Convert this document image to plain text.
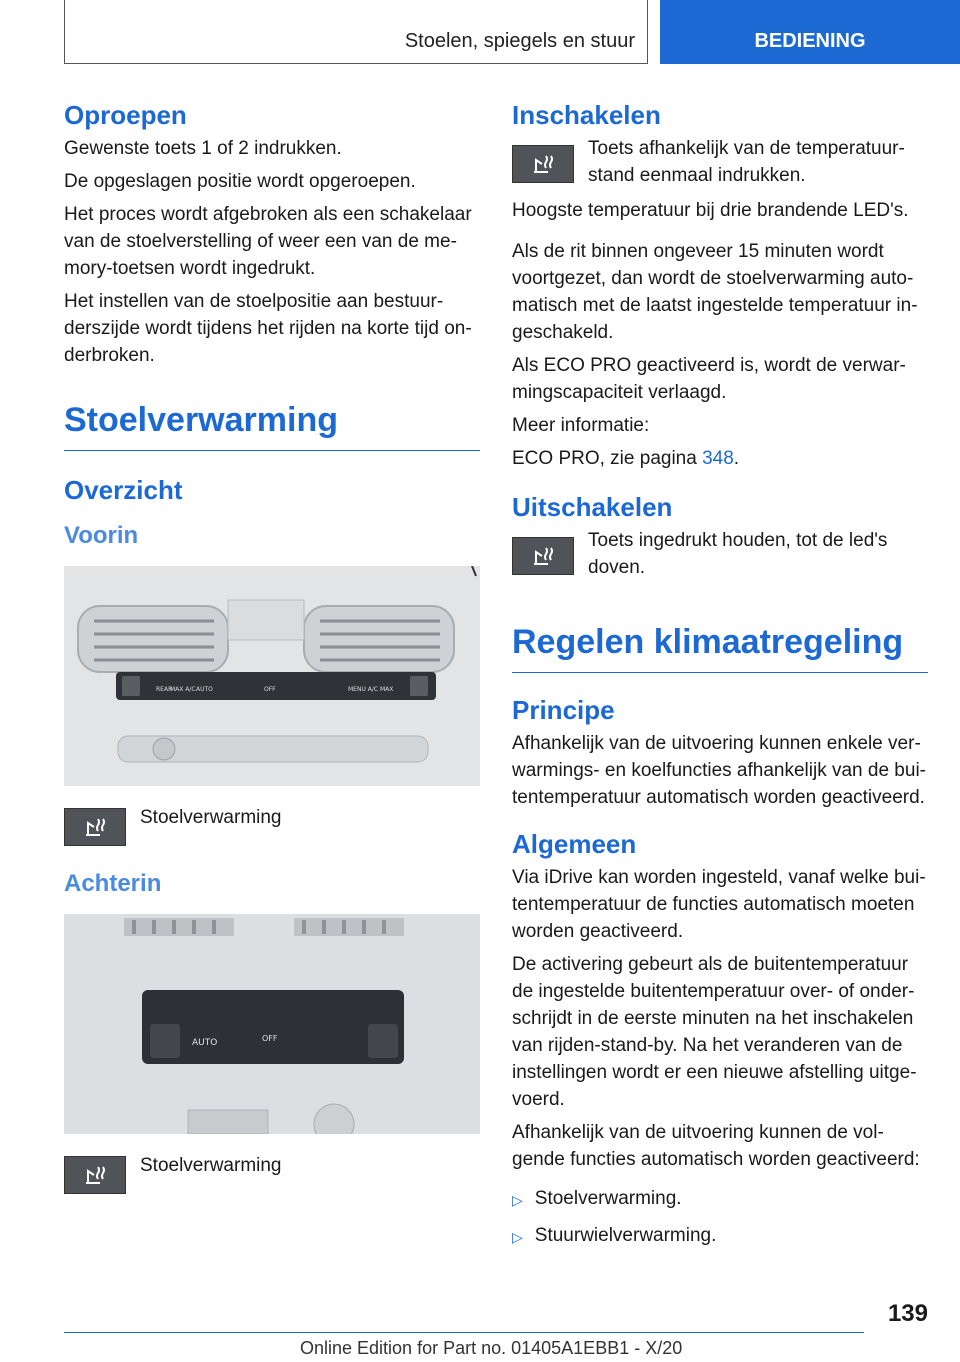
Stoelen, spiegels en stuur	BEDIENING
Oproepen

Gewenste toets 1 of 2 indrukken.

De opgeslagen positie wordt opgeroepen.

Het proces wordt afgebroken als een schakelaar van de stoelverstelling of weer een van de memory-toetsen wordt ingedrukt.

Het instellen van de stoelpositie aan bestuurderszijde wordt tijdens het rijden na korte tijd onderbroken.

Stoelverwarming
Overzicht
Voorin
REAR
MAX A/C AUTO	OFF	MENU A/C MAX

Stoelverwarming

Achterin
AUTO	OFF

Stoelverwarming

Inschakelen

Toets afhankelijk van de temperatuurstand eenmaal indrukken.

Hoogste temperatuur bij drie brandende LED's.

Als de rit binnen ongeveer 15 minuten wordt voortgezet, dan wordt de stoelverwarming automatisch met de laatst ingestelde temperatuur ingeschakeld.

Als ECO PRO geactiveerd is, wordt de verwarmingscapaciteit verlaagd.

Meer informatie:

ECO PRO, zie pagina 348.

Uitschakelen

Toets ingedrukt houden, tot de led's doven.

Regelen klimaatregeling
Principe

Afhankelijk van de uitvoering kunnen enkele verwarmings- en koelfuncties afhankelijk van de buitentemperatuur automatisch worden geactiveerd.

Algemeen

Via iDrive kan worden ingesteld, vanaf welke buitentemperatuur de functies automatisch moeten worden geactiveerd.

De activering gebeurt als de buitentemperatuur de ingestelde buitentemperatuur over- of onderschrijdt in de eerste minuten na het inschakelen van rijden-stand-by. Na het veranderen van de instellingen wordt er een nieuwe afstelling uitgevoerd.

Afhankelijk van de uitvoering kunnen de volgende functies automatisch worden geactiveerd:

▷ Stoelverwarming.
▷ Stuurwielverwarming.
139
Online Edition for Part no. 01405A1EBB1 - X/20
